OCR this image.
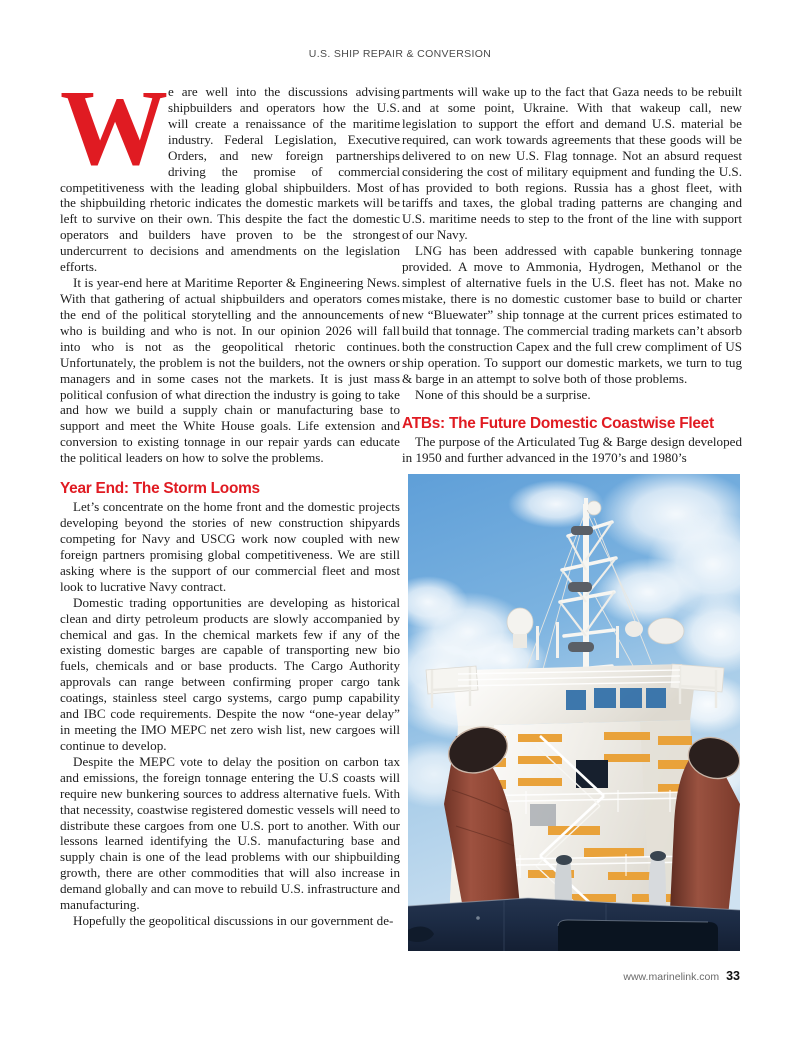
U.S. SHIP REPAIR & CONVERSION

We are well into the discussions advising shipbuilders and operators how the U.S. will create a renaissance of the maritime industry. Federal Legislation, Executive Orders, and new foreign partnerships driving the promise of commercial competitiveness with the leading global shipbuilders. Most of the shipbuilding rhetoric indicates the domestic markets will be left to survive on their own. This despite the fact the domestic operators and builders have proven to be the strongest undercurrent to decisions and amendments on the legislation efforts.

It is year-end here at Maritime Reporter & Engineering News. With that gathering of actual shipbuilders and operators comes the end of the political storytelling and the announcements of who is building and who is not. In our opinion 2026 will fall into who is not as the geopolitical rhetoric continues. Unfortunately, the problem is not the builders, not the owners or managers and in some cases not the markets. It is just mass political confusion of what direction the industry is going to take and how we build a supply chain or manufacturing base to support and meet the White House goals. Life extension and conversion to existing tonnage in our repair yards can educate the political leaders on how to solve the problems.

Year End: The Storm Looms

Let’s concentrate on the home front and the domestic projects developing beyond the stories of new construction shipyards competing for Navy and USCG work now coupled with new foreign partners promising global competitiveness. We are still asking where is the support of our commercial fleet and most look to lucrative Navy contract.

Domestic trading opportunities are developing as historical clean and dirty petroleum products are slowly accompanied by chemical and gas. In the chemical markets few if any of the existing domestic barges are capable of transporting new bio fuels, chemicals and or base products. The Cargo Authority approvals can range between confirming proper cargo tank coatings, stainless steel cargo systems, cargo pump capability and IBC code requirements. Despite the now “one-year delay” in meeting the IMO MEPC net zero wish list, new cargoes will continue to develop.

Despite the MEPC vote to delay the position on carbon tax and emissions, the foreign tonnage entering the U.S coasts will require new bunkering sources to address alternative fuels. With that necessity, coastwise registered domestic vessels will need to distribute these cargoes from one U.S. port to another. With our lessons learned identifying the U.S. manufacturing base and supply chain is one of the lead problems with our shipbuilding growth, there are other commodities that will also increase in demand globally and can move to rebuild U.S. infrastructure and manufacturing.

Hopefully the geopolitical discussions in our government de-

partments will wake up to the fact that Gaza needs to be rebuilt and at some point, Ukraine. With that wakeup call, new legislation to support the effort and demand U.S. material be required, can work towards agreements that these goods will be delivered to on new U.S. Flag tonnage. Not an absurd request considering the cost of military equipment and funding the U.S. has provided to both regions. Russia has a ghost fleet, with tariffs and taxes, the global trading patterns are changing and U.S. maritime needs to step to the front of the line with support of our Navy.

LNG has been addressed with capable bunkering tonnage provided. A move to Ammonia, Hydrogen, Methanol or the simplest of alternative fuels in the U.S. fleet has not. Make no mistake, there is no domestic customer base to build or charter new “Bluewater” ship tonnage at the current prices estimated to build that tonnage. The commercial trading markets can’t absorb both the construction Capex and the full crew compliment of US ship operation. To support our domestic markets, we turn to tug & barge in an attempt to solve both of those problems.

None of this should be a surprise.

ATBs: The Future Domestic Coastwise Fleet

The purpose of the Articulated Tug & Barge design developed in 1950 and further advanced in the 1970’s and 1980’s

www.marinelink.com 33
